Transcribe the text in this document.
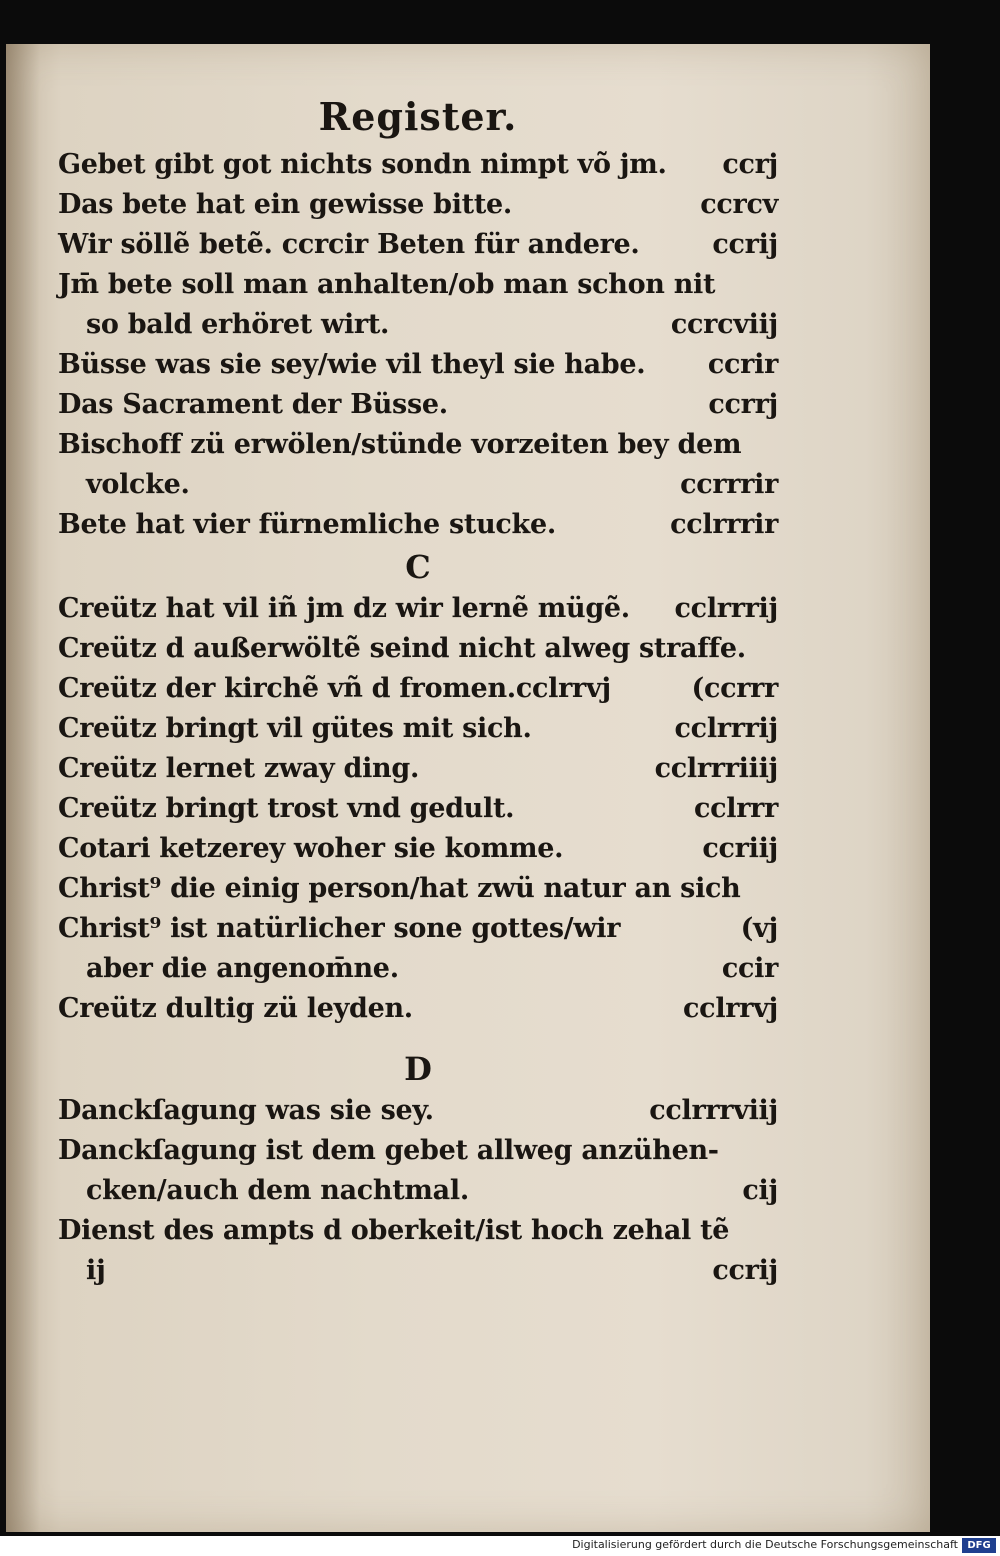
Register.
Gebet gibt got nichts sondn nimpt võ jm. ccrj
Das bete hat ein gewisse bitte.	ccrcv
Wir söllẽ betẽ. ccrcir Beten für andere.	ccrij
Jm̄ bete soll man anhalten/ob man schon nit
so bald erhöret wirt.	ccrcviij
Büsse was sie sey/wie vil theyl sie habe. ccrir
Das Sacrament der Büsse.	ccrrj
Bischoff zü erwölen/stünde vorzeiten bey dem
volcke.	ccrrrir
Bete hat vier fürnemliche stucke.	cclrrrir
C
Creütz hat vil iñ jm dz wir lernẽ mügẽ. cclrrrij
Creütz d außerwöltẽ seind nicht alweg straffe.
Creütz der kirchẽ vñ d fromen.cclrrvj	(ccrrr
Creütz bringt vil gütes mit sich.	cclrrrij
Creütz lernet zway ding.	cclrrriiij
Creütz bringt trost vnd gedult.	cclrrr
Cotari ketzerey woher sie komme.	ccriij
Christ⁹ die einig person/hat zwü natur an sich
Christ⁹ ist natürlicher sone gottes/wir	(vj
aber die angenom̄ne.	ccir
Creütz dultig zü leyden.	cclrrvj
D
Danckſagung was sie sey.	cclrrrviij
Danckſagung ist dem gebet allweg anzühen-
cken/auch dem nachtmal.	cij
Dienst des ampts d oberkeit/ist hoch zehal tẽ
ij	ccrij
Digitalisierung gefördert durch die Deutsche Forschungsgemeinschaft DFG
